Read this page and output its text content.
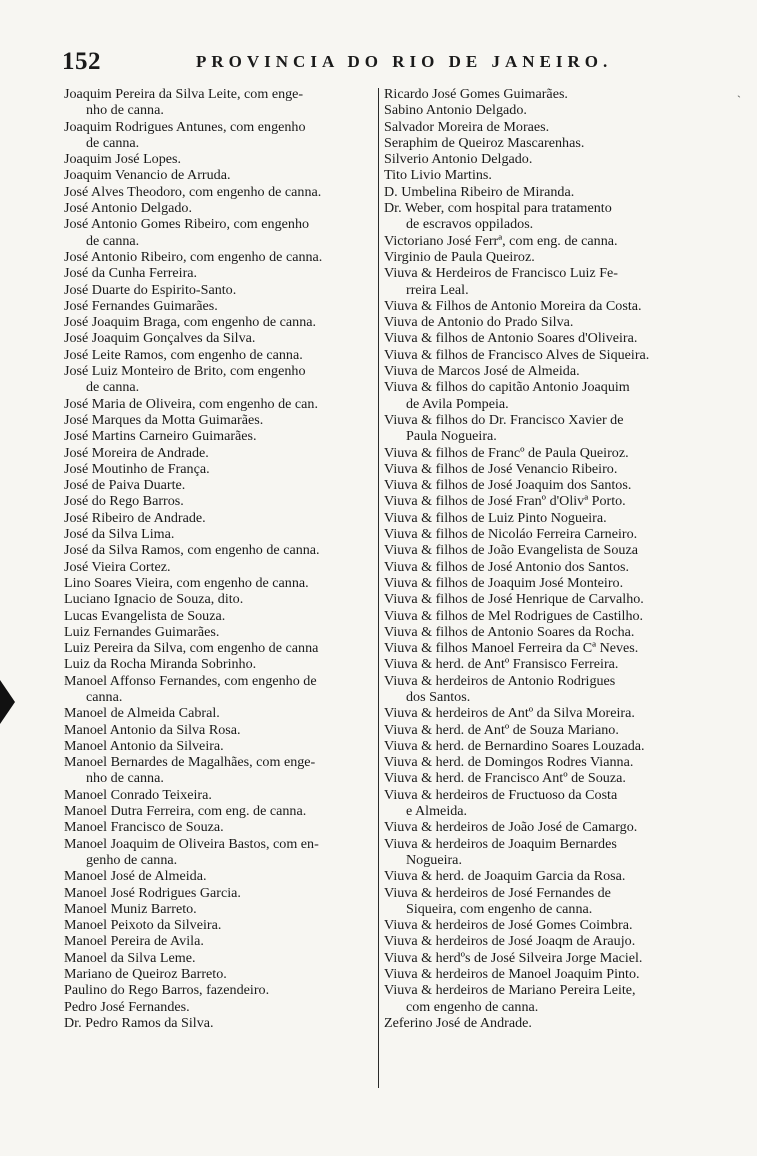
152	PROVINCIA DO RIO DE JANEIRO.
Joaquim Pereira da Silva Leite, com enge-
nho de canna.
Joaquim Rodrigues Antunes, com engenho
de canna.
Joaquim José Lopes.
Joaquim Venancio de Arruda.
José Alves Theodoro, com engenho de canna.
José Antonio Delgado.
José Antonio Gomes Ribeiro, com engenho
de canna.
José Antonio Ribeiro, com engenho de canna.
José da Cunha Ferreira.
José Duarte do Espirito-Santo.
José Fernandes Guimarães.
José Joaquim Braga, com engenho de canna.
José Joaquim Gonçalves da Silva.
José Leite Ramos, com engenho de canna.
José Luiz Monteiro de Brito, com engenho
de canna.
José Maria de Oliveira, com engenho de can.
José Marques da Motta Guimarães.
José Martins Carneiro Guimarães.
José Moreira de Andrade.
José Moutinho de França.
José de Paiva Duarte.
José do Rego Barros.
José Ribeiro de Andrade.
José da Silva Lima.
José da Silva Ramos, com engenho de canna.
José Vieira Cortez.
Lino Soares Vieira, com engenho de canna.
Luciano Ignacio de Souza, dito.
Lucas Evangelista de Souza.
Luiz Fernandes Guimarães.
Luiz Pereira da Silva, com engenho de canna
Luiz da Rocha Miranda Sobrinho.
Manoel Affonso Fernandes, com engenho de
canna.
Manoel de Almeida Cabral.
Manoel Antonio da Silva Rosa.
Manoel Antonio da Silveira.
Manoel Bernardes de Magalhães, com enge-
nho de canna.
Manoel Conrado Teixeira.
Manoel Dutra Ferreira, com eng. de canna.
Manoel Francisco de Souza.
Manoel Joaquim de Oliveira Bastos, com en-
genho de canna.
Manoel José de Almeida.
Manoel José Rodrigues Garcia.
Manoel Muniz Barreto.
Manoel Peixoto da Silveira.
Manoel Pereira de Avila.
Manoel da Silva Leme.
Mariano de Queiroz Barreto.
Paulino do Rego Barros, fazendeiro.
Pedro José Fernandes.
Dr. Pedro Ramos da Silva.
Ricardo José Gomes Guimarães.
Sabino Antonio Delgado.
Salvador Moreira de Moraes.
Seraphim de Queiroz Mascarenhas.
Silverio Antonio Delgado.
Tito Livio Martins.
D. Umbelina Ribeiro de Miranda.
Dr. Weber, com hospital para tratamento
de escravos oppilados.
Victoriano José Ferrª, com eng. de canna.
Virginio de Paula Queiroz.
Viuva & Herdeiros de Francisco Luiz Fe-
rreira Leal.
Viuva & Filhos de Antonio Moreira da Costa.
Viuva de Antonio do Prado Silva.
Viuva & filhos de Antonio Soares d'Oliveira.
Viuva & filhos de Francisco Alves de Siqueira.
Viuva de Marcos José de Almeida.
Viuva & filhos do capitão Antonio Joaquim
de Avila Pompeia.
Viuva & filhos do Dr. Francisco Xavier de
Paula Nogueira.
Viuva & filhos de Francº de Paula Queiroz.
Viuva & filhos de José Venancio Ribeiro.
Viuva & filhos de José Joaquim dos Santos.
Viuva & filhos de José Franº d'Olivª Porto.
Viuva & filhos de Luiz Pinto Nogueira.
Viuva & filhos de Nicoláo Ferreira Carneiro.
Viuva & filhos de João Evangelista de Souza
Viuva & filhos de José Antonio dos Santos.
Viuva & filhos de Joaquim José Monteiro.
Viuva & filhos de José Henrique de Carvalho.
Viuva & filhos de Mel Rodrigues de Castilho.
Viuva & filhos de Antonio Soares da Rocha.
Viuva & filhos Manoel Ferreira da Cª Neves.
Viuva & herd. de Antº Fransisco Ferreira.
Viuva & herdeiros de Antonio Rodrigues
dos Santos.
Viuva & herdeiros de Antº da Silva Moreira.
Viuva & herd. de Antº de Souza Mariano.
Viuva & herd. de Bernardino Soares Louzada.
Viuva & herd. de Domingos Rodres Vianna.
Viuva & herd. de Francisco Antº de Souza.
Viuva & herdeiros de Fructuoso da Costa
e Almeida.
Viuva & herdeiros de João José de Camargo.
Viuva & herdeiros de Joaquim Bernardes
Nogueira.
Viuva & herd. de Joaquim Garcia da Rosa.
Viuva & herdeiros de José Fernandes de
Siqueira, com engenho de canna.
Viuva & herdeiros de José Gomes Coimbra.
Viuva & herdeiros de José Joaqm de Araujo.
Viuva & herdºs de José Silveira Jorge Maciel.
Viuva & herdeiros de Manoel Joaquim Pinto.
Viuva & herdeiros de Mariano Pereira Leite,
com engenho de canna.
Zeferino José de Andrade.
ˏ
